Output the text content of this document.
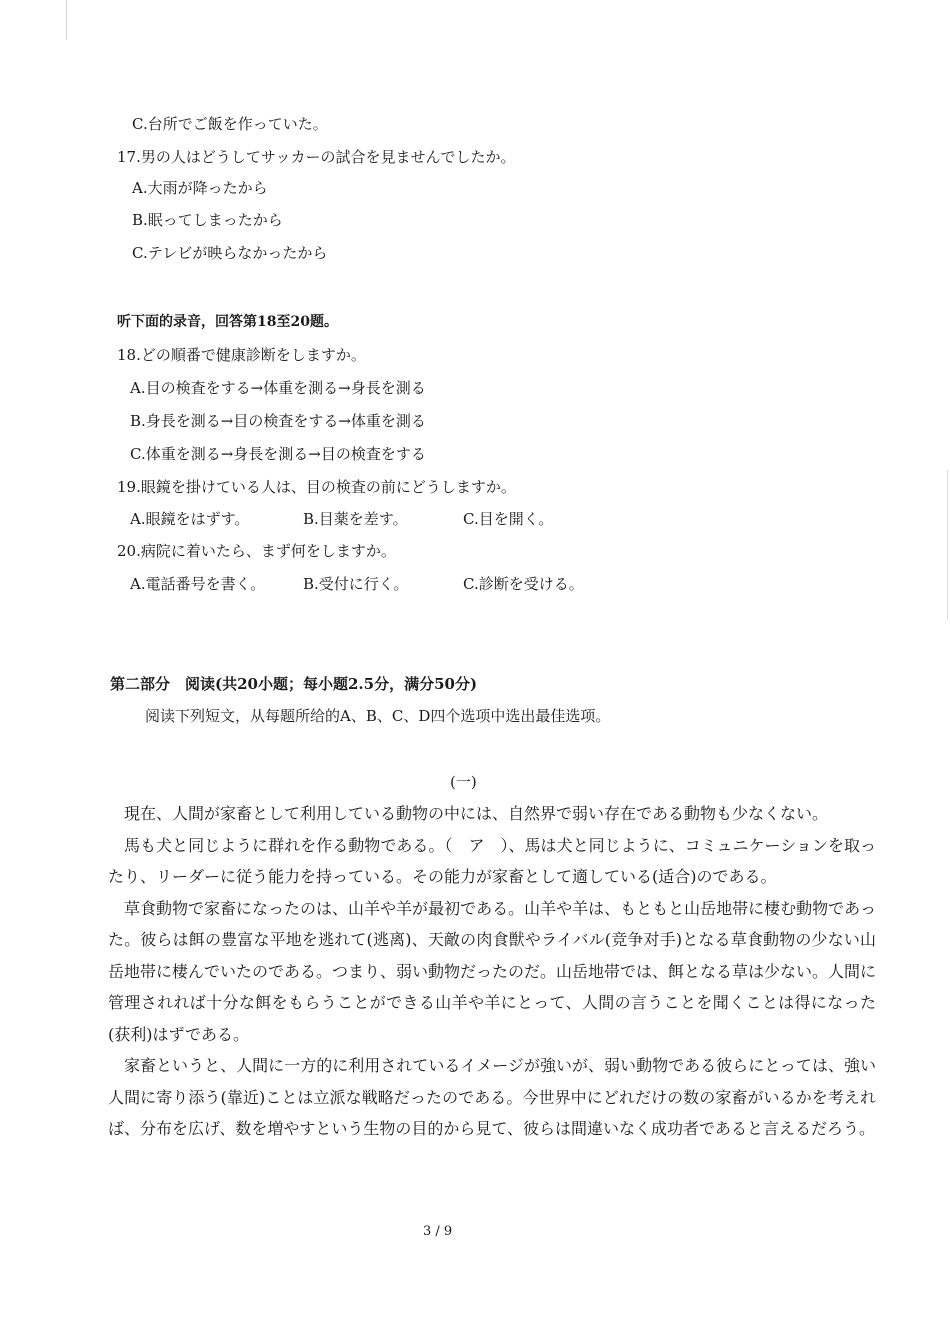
C.台所でご飯を作っていた。
17.男の人はどうしてサッカーの試合を見ませんでしたか。
A.大雨が降ったから
B.眠ってしまったから
C.テレビが映らなかったから
听下面的录音，回答第18至20题。
18.どの順番で健康診断をしますか。
A.目の検査をする→体重を測る→身長を測る
B.身長を測る→目の検査をする→体重を測る
C.体重を測る→身長を測る→目の検査をする
19.眼鏡を掛けている人は、目の検査の前にどうしますか。
A.眼鏡をはずす。	B.目薬を差す。	C.目を開く。
20.病院に着いたら、まず何をしますか。
A.電話番号を書く。	B.受付に行く。	C.診断を受ける。
第二部分　阅读(共20小题；每小题2.5分，满分50分)
阅读下列短文，从每题所给的A、B、C、D四个选项中选出最佳选项。
(一)

現在、人間が家畜として利用している動物の中には、自然界で弱い存在である動物も少なくない。

馬も犬と同じように群れを作る動物である。（　ア　）、馬は犬と同じように、コミュニケーションを取ったり、リーダーに従う能力を持っている。その能力が家畜として適している(适合)のである。

草食動物で家畜になったのは、山羊や羊が最初である。山羊や羊は、もともと山岳地帯に棲む動物であった。彼らは餌の豊富な平地を逃れて(逃离)、天敵の肉食獣やライバル(竞争对手)となる草食動物の少ない山岳地帯に棲んでいたのである。つまり、弱い動物だったのだ。山岳地帯では、餌となる草は少ない。人間に管理されれば十分な餌をもらうことができる山羊や羊にとって、人間の言うことを聞くことは得になった(获利)はずである。

家畜というと、人間に一方的に利用されているイメージが強いが、弱い動物である彼らにとっては、強い人間に寄り添う(靠近)ことは立派な戦略だったのである。今世界中にどれだけの数の家畜がいるかを考えれば、分布を広げ、数を増やすという生物の目的から見て、彼らは間違いなく成功者であると言えるだろう。

3 / 9
